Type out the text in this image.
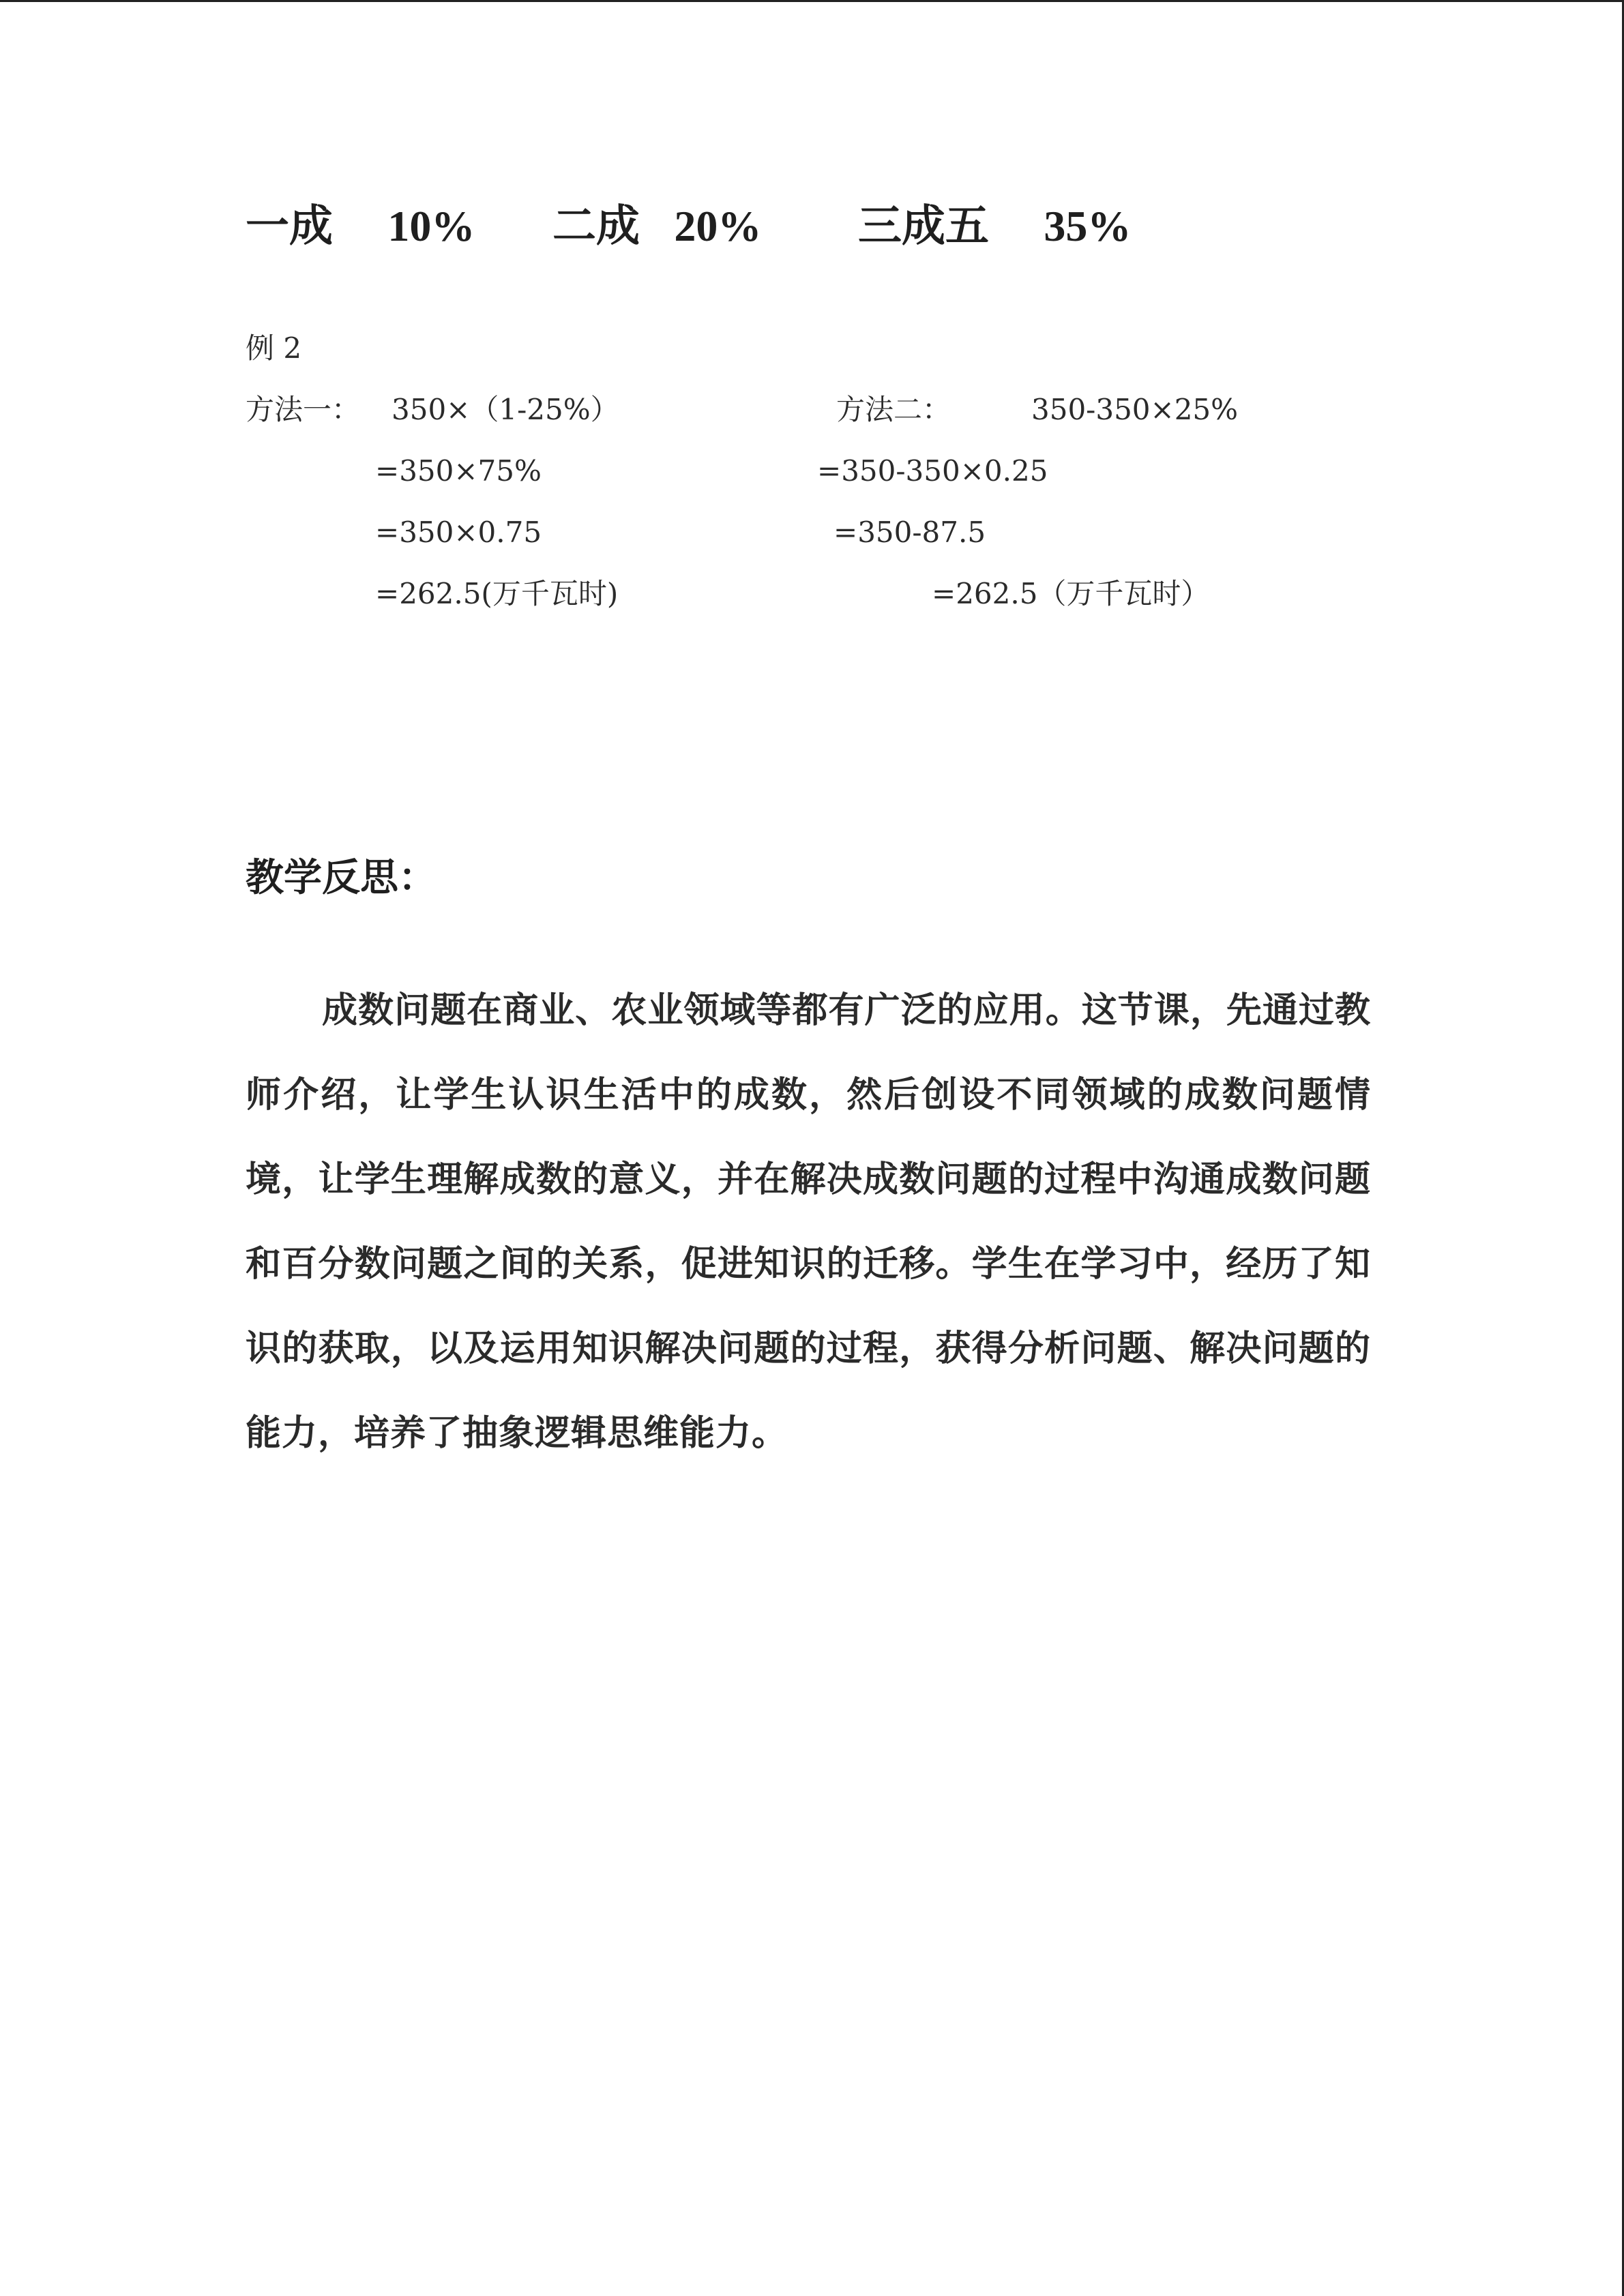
一成 10% 二成 20% 三成五 35%
例 2
方法一： 350×（1-25%）
=350×75%
=350×0.75
=262.5(万千瓦时)
方法二：	350-350×25%
=350-350×0.25
=350-87.5
=262.5（万千瓦时）
教学反思：
成数问题在商业、农业领域等都有广泛的应用。这节课，先通过教师介绍，让学生认识生活中的成数，然后创设不同领域的成数问题情境，让学生理解成数的意义，并在解决成数问题的过程中沟通成数问题和百分数问题之间的关系，促进知识的迁移。学生在学习中，经历了知识的获取，以及运用知识解决问题的过程，获得分析问题、解决问题的能力，培养了抽象逻辑思维能力。
